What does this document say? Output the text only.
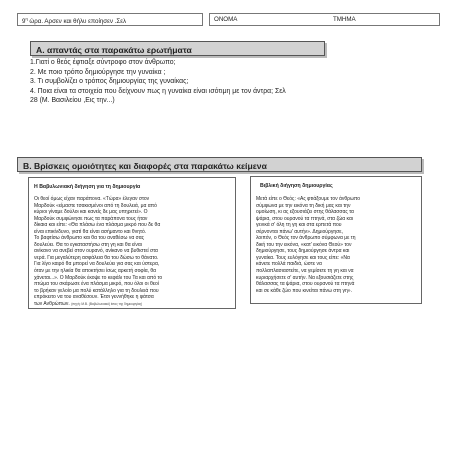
$9^\eta$ ώρα. Αρσεν και θήλυ εποίησεν .Σελ	ΟΝΟΜΑ	ΤΜΗΜΑ
Α. απαντάς στα παρακάτω ερωτήματα
1.Γιατί ο θεός έφτιαξε σύντροφο στον άνθρωπο;
2. Με ποιο τρόπο δημιούργησε την γυναίκα ;
3. Τι συμβολίζει ο τρόπος δημιουργίας της γυναίκας;
4. Ποια είναι τα στοιχεία που δείχνουν πως η γυναίκα είναι ισότιμη με τον άντρα; Σελ
28 (Μ. Βασιλείου ,Εις την...)
Β. Βρίσκεις ομοιότητες και διαφορές στα παρακάτω κείμενα
Η Βαβυλωνιακή διήγηση για τη δημιουργία
Οι θεοί όμως είχαν παράπονα. «Τώρα» έλεγαν στον
Μαρδούκ «είμαστε τσακισμένοι από τη δουλειά, μα από
κύριοι γίναμε δούλοι και κανείς δε μας υπηρετεί». Ο
Μαρδούκ συμφώνησε πως τα παράπονα τους ήταν
δίκαια και είπε: «Θα πλάσω ένα πλάσμα μικρό που δε θα
είναι επικίνδυνο, γιατί θα είναι ασήμαντο και θνητό.
Το βαφτίσω άνθρωπο και θα του αναθέσω να σας
δουλεύει. Θα το εγκαταστήσω στη γη και θα είναι
ανίκανο να ανεβεί στον ουρανό, ανίκανο να βυθιστεί στα
νερά. Για μεγαλύτερη ασφάλεια θα του δώσω το θάνατο.
Για λίγο καιρό θα μπορεί να δουλεύει για σας και ύστερα,
όταν με την ηλικία θα αποκτήσει ίσως αρκετή σοφία, θα
χάνεται...». Ο Μαρδούκ έκοψε το κεφάλι του Τα και από το
πτώμα του σκάρωσε ένα πλάσμα μικρό, που όλοι οι θεοί
το βρήκαν γελοίο μα πολύ κατάλληλο για τη δουλειά που
επρόκειτο να του αναθέσουν. Έτσι γεννήθηκε η φάτσα
των Ανθρώπων. (πηγή: Μ.Β. (Βαβυλωνιακό) έπος της δημιουργίας)
Βιβλική διήγηση δημιουργίας
Μετά είπε ο Θεός: «Ας φτιάξουμε τον άνθρωπο
σύμφωνα με την εικόνα τη δική μας και την
ομοίωση, κι ας εξουσιάζει στης θάλασσας τα
ψάρια, στου ουρανού τα πτηνά, στα ζώα και
γενικά σ' όλη τη γη και στα ερπετά που
σέρνονται πάνω' αυτήν». Δημιούργησε,
λοιπόν, ο Θεός τον άνθρωπο σύμφωνα με τη
δική του την εικόνα, «κατ' εικόνα Θεού» τον
δημιούργησε, τους δημιούργησε άντρα και
γυναίκα. Τους ευλόγησε και τους είπε: «Να
κάνετε πολλά παιδιά, ώστε να
πολλαπλασιαστείτε, να γεμίσετε τη γη και να
κυριαρχήσετε σ' αυτήν. Να εξουσιάζετε στης
θάλασσας τα ψάρια, στου ουρανού τα πτηνά
και σε κάθε ζώο που κινείται πάνω στη γη».
